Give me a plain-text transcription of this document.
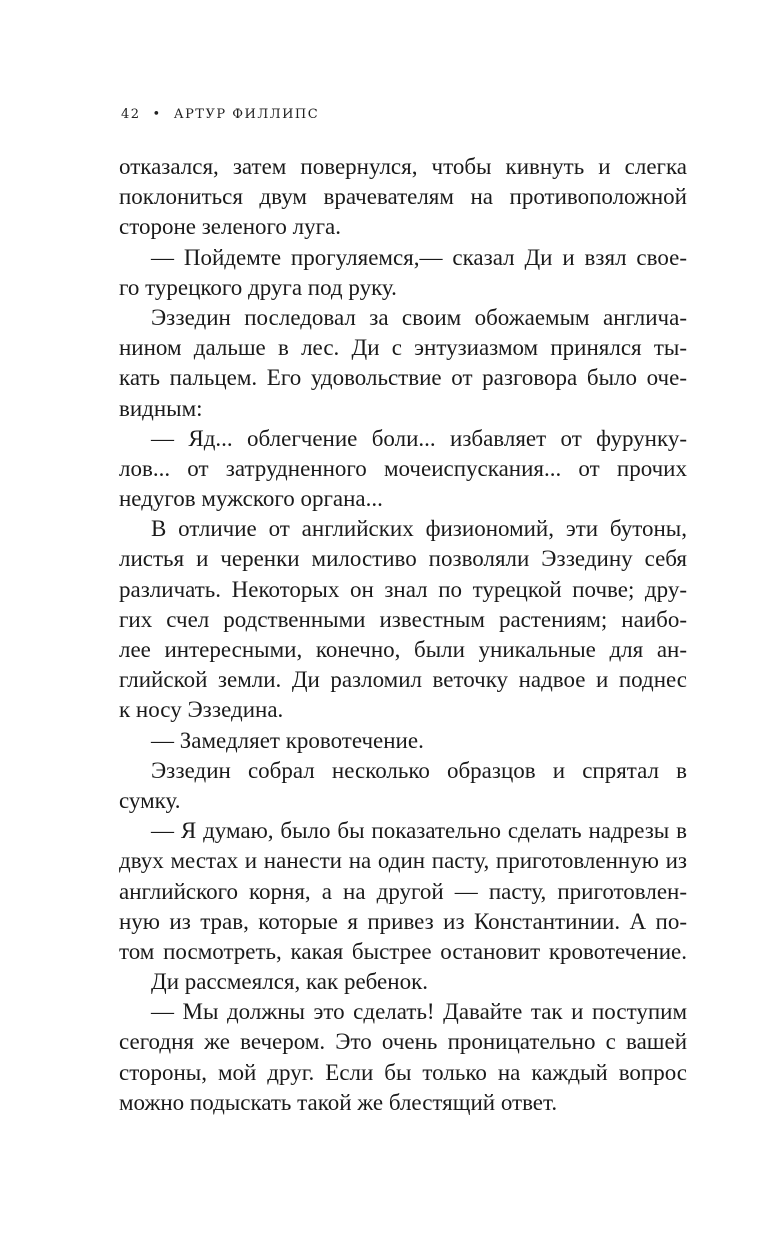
42 • АРТУР ФИЛЛИПС
отказался, затем повернулся, чтобы кивнуть и слегка
поклониться двум врачевателям на противоположной
стороне зеленого луга.
— Пойдемте прогуляемся,— сказал Ди и взял свое-
го турецкого друга под руку.
Эззедин последовал за своим обожаемым англича-
нином дальше в лес. Ди с энтузиазмом принялся ты-
кать пальцем. Его удовольствие от разговора было оче-
видным:
— Яд... облегчение боли... избавляет от фурунку-
лов... от затрудненного мочеиспускания... от прочих
недугов мужского органа...
В отличие от английских физиономий, эти бутоны,
листья и черенки милостиво позволяли Эззедину себя
различать. Некоторых он знал по турецкой почве; дру-
гих счел родственными известным растениям; наибо-
лее интересными, конечно, были уникальные для ан-
глийской земли. Ди разломил веточку надвое и поднес
к носу Эззедина.
— Замедляет кровотечение.
Эззедин собрал несколько образцов и спрятал в
сумку.
— Я думаю, было бы показательно сделать надрезы в
двух местах и нанести на один пасту, приготовленную из
английского корня, а на другой — пасту, приготовлен-
ную из трав, которые я привез из Константинии. А по-
том посмотреть, какая быстрее остановит кровотечение.
Ди рассмеялся, как ребенок.
— Мы должны это сделать! Давайте так и поступим
сегодня же вечером. Это очень проницательно с вашей
стороны, мой друг. Если бы только на каждый вопрос
можно подыскать такой же блестящий ответ.
